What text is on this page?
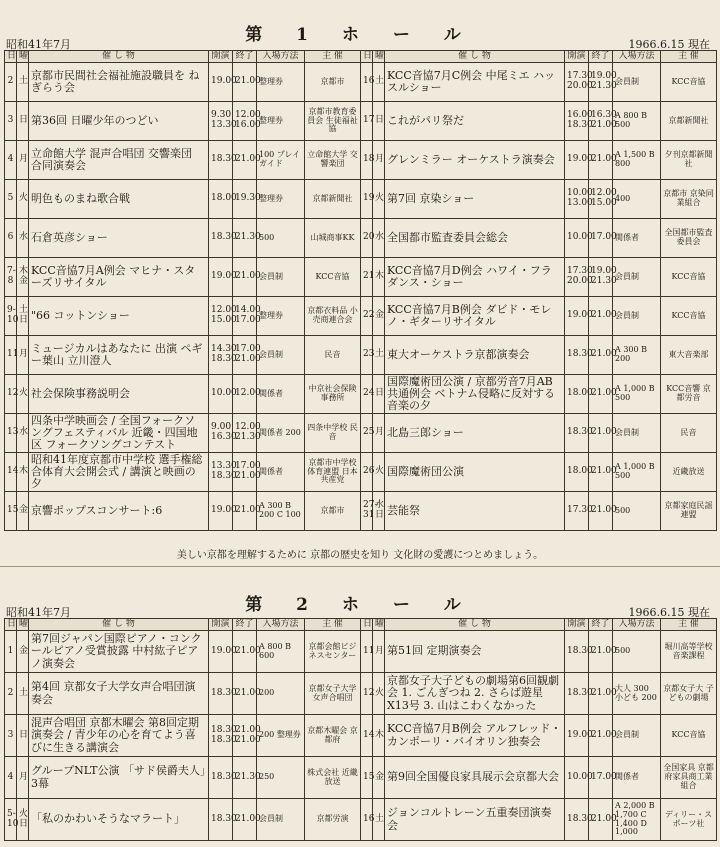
第 1 ホ ー ル
昭和41年7月	1966.6.15 現在
日	曜	催 し 物	開演	終了	入場方法	主 催
2	土	京都市民間社会福祉施設職員を ねぎらう会	19.00	21.00	整理券	京都市
3	日	第36回 日曜少年のつどい	9.30 13.30	12.00 16.00	整理券	京都市教育委員会 生徒福祉協
4	月	立命館大学 混声合唱団 交響楽団 合同演奏会	18.30	21.00	100 プレイガイド	立命館大学 交響楽団
5	火	明色ものまね歌合戦	18.00	19.30	整理券	京都新聞社
6	水	石倉英彦ショー	18.30	21.30	500	山城商事KK
7-8	木金	KCC音協7月A例会 マヒナ・スターズリサイタル	19.00	21.00	会員制	KCC音協
9-10	土日	"66 コットンショー	12.00 15.00	14.00 17.00	整理券	京都衣料品 小売商連合会
11	月	ミュージカルはあなたに 出演 ペギー葉山 立川澄人	14.30 18.30	17.00 21.00	会員制	民音
12	火	社会保険事務説明会	10.00	12.00	関係者	中京社会保険事務所
13	水	四条中学映画会 / 全国フォークソングフェスティバル 近畿・四国地区 フォークソングコンテスト	9.00 16.30	12.00 21.30	関係者 200	四条中学校 民音
14	木	昭和41年度京都市中学校 選手権総合体育大会開会式 / 講演と映画の夕	13.30 18.30	17.00 21.00	関係者	京都市中学校体育連盟 日本共産党
15	金	京響ポップスコンサート:6	19.00	21.00	A 300 B 200 C 100	京都市
日	曜	催 し 物	開演	終了	入場方法	主 催
16	土	KCC音協7月C例会 中尾ミエ ハッスルショー	17.30 20.00	19.00 21.30	会員制	KCC音協
17	日	これがパリ祭だ	16.00 18.30	16.30 21.00	A 800 B 500	京都新聞社
18	月	グレンミラー オーケストラ演奏会	19.00	21.00	A 1,500 B 800	夕刊京都新聞社
19	火	第7回 京染ショー	10.00 13.00	12.00 15.00	400	京都市 京染同業組合
20	水	全国都市監査委員会総会	10.00	17.00	関係者	全国都市監査委員会
21	木	KCC音協7月D例会 ハワイ・フラダンス・ショー	17.30 20.00	19.00 21.30	会員制	KCC音協
22	金	KCC音協7月B例会 ダビド・モレノ・ギターリサイタル	19.00	21.00	会員制	KCC音協
23	土	東大オーケストラ京都演奏会	18.30	21.00	A 300 B 200	東大音楽部
24	日	国際魔術団公演 / 京都労音7月AB共通例会 ベトナム侵略に反対する音楽の夕	18.00	21.00	A 1,000 B 500	KCC音響 京都労音
25	月	北島三郎ショー	18.30	21.00	会員制	民音
26	火	国際魔術団公演	18.00	21.00	A 1,000 B 500	近畿放送
27-31	水日	芸能祭	17.30	21.00	500	京都家庭民謡連盟
美しい京都を理解するために 京都の歴史を知り 文化財の愛護につとめましょう。
第 2 ホ ー ル
昭和41年7月	1966.6.15 現在
日	曜	催 し 物	開演	終了	入場方法	主 催
1	金	第7回ジャパン国際ピアノ・コンクールピアノ受賞披露 中村紘子ピアノ演奏会	19.00	21.00	A 800 B 600	京都会館ビジネスセンター
2	土	第4回 京都女子大学女声合唱団演奏会	18.30	21.00	200	京都女子大学 女声合唱団
3	日	混声合唱団 京都木曜会 第8回定期演奏会 / 青少年の心を育てよう喜びに生きる講演会	18.30 18.30	21.00 21.00	200 整理券	京都木曜会 京都府
4	月	グループNLT公演 「サド侯爵夫人」3幕	18.30	21.30	250	株式会社 近畿放送
5-10	火日	「私のかわいそうなマラート」	18.30	21.00	会員制	京都労演
日	曜	催 し 物	開演	終了	入場方法	主 催
11	月	第51回 定期演奏会	18.30	21.00	500	堀川高等学校 音楽課程
12	火	京都女子大子どもの劇場第6回観劇会 1. ごんぎつね 2. さらば遊星X13号 3. 山はこわくなかった	18.30	21.00	大人 300 小ども 200	京都女子大 子どもの劇場
14	木	KCC音協7月B例会 アルフレッド・カンポーリ・バイオリン独奏会	19.00	21.00	会員制	KCC音協
15	金	第9回全国優良家具展示会京都大会	10.00	17.00	関係者	全国家具 京都府家具商工業組合
16	土	ジョンコルトレーン五重奏団演奏会	18.30	21.00	A 2,000 B 1,700 C 1,400 D 1,000	ディリー・スポーツ社
